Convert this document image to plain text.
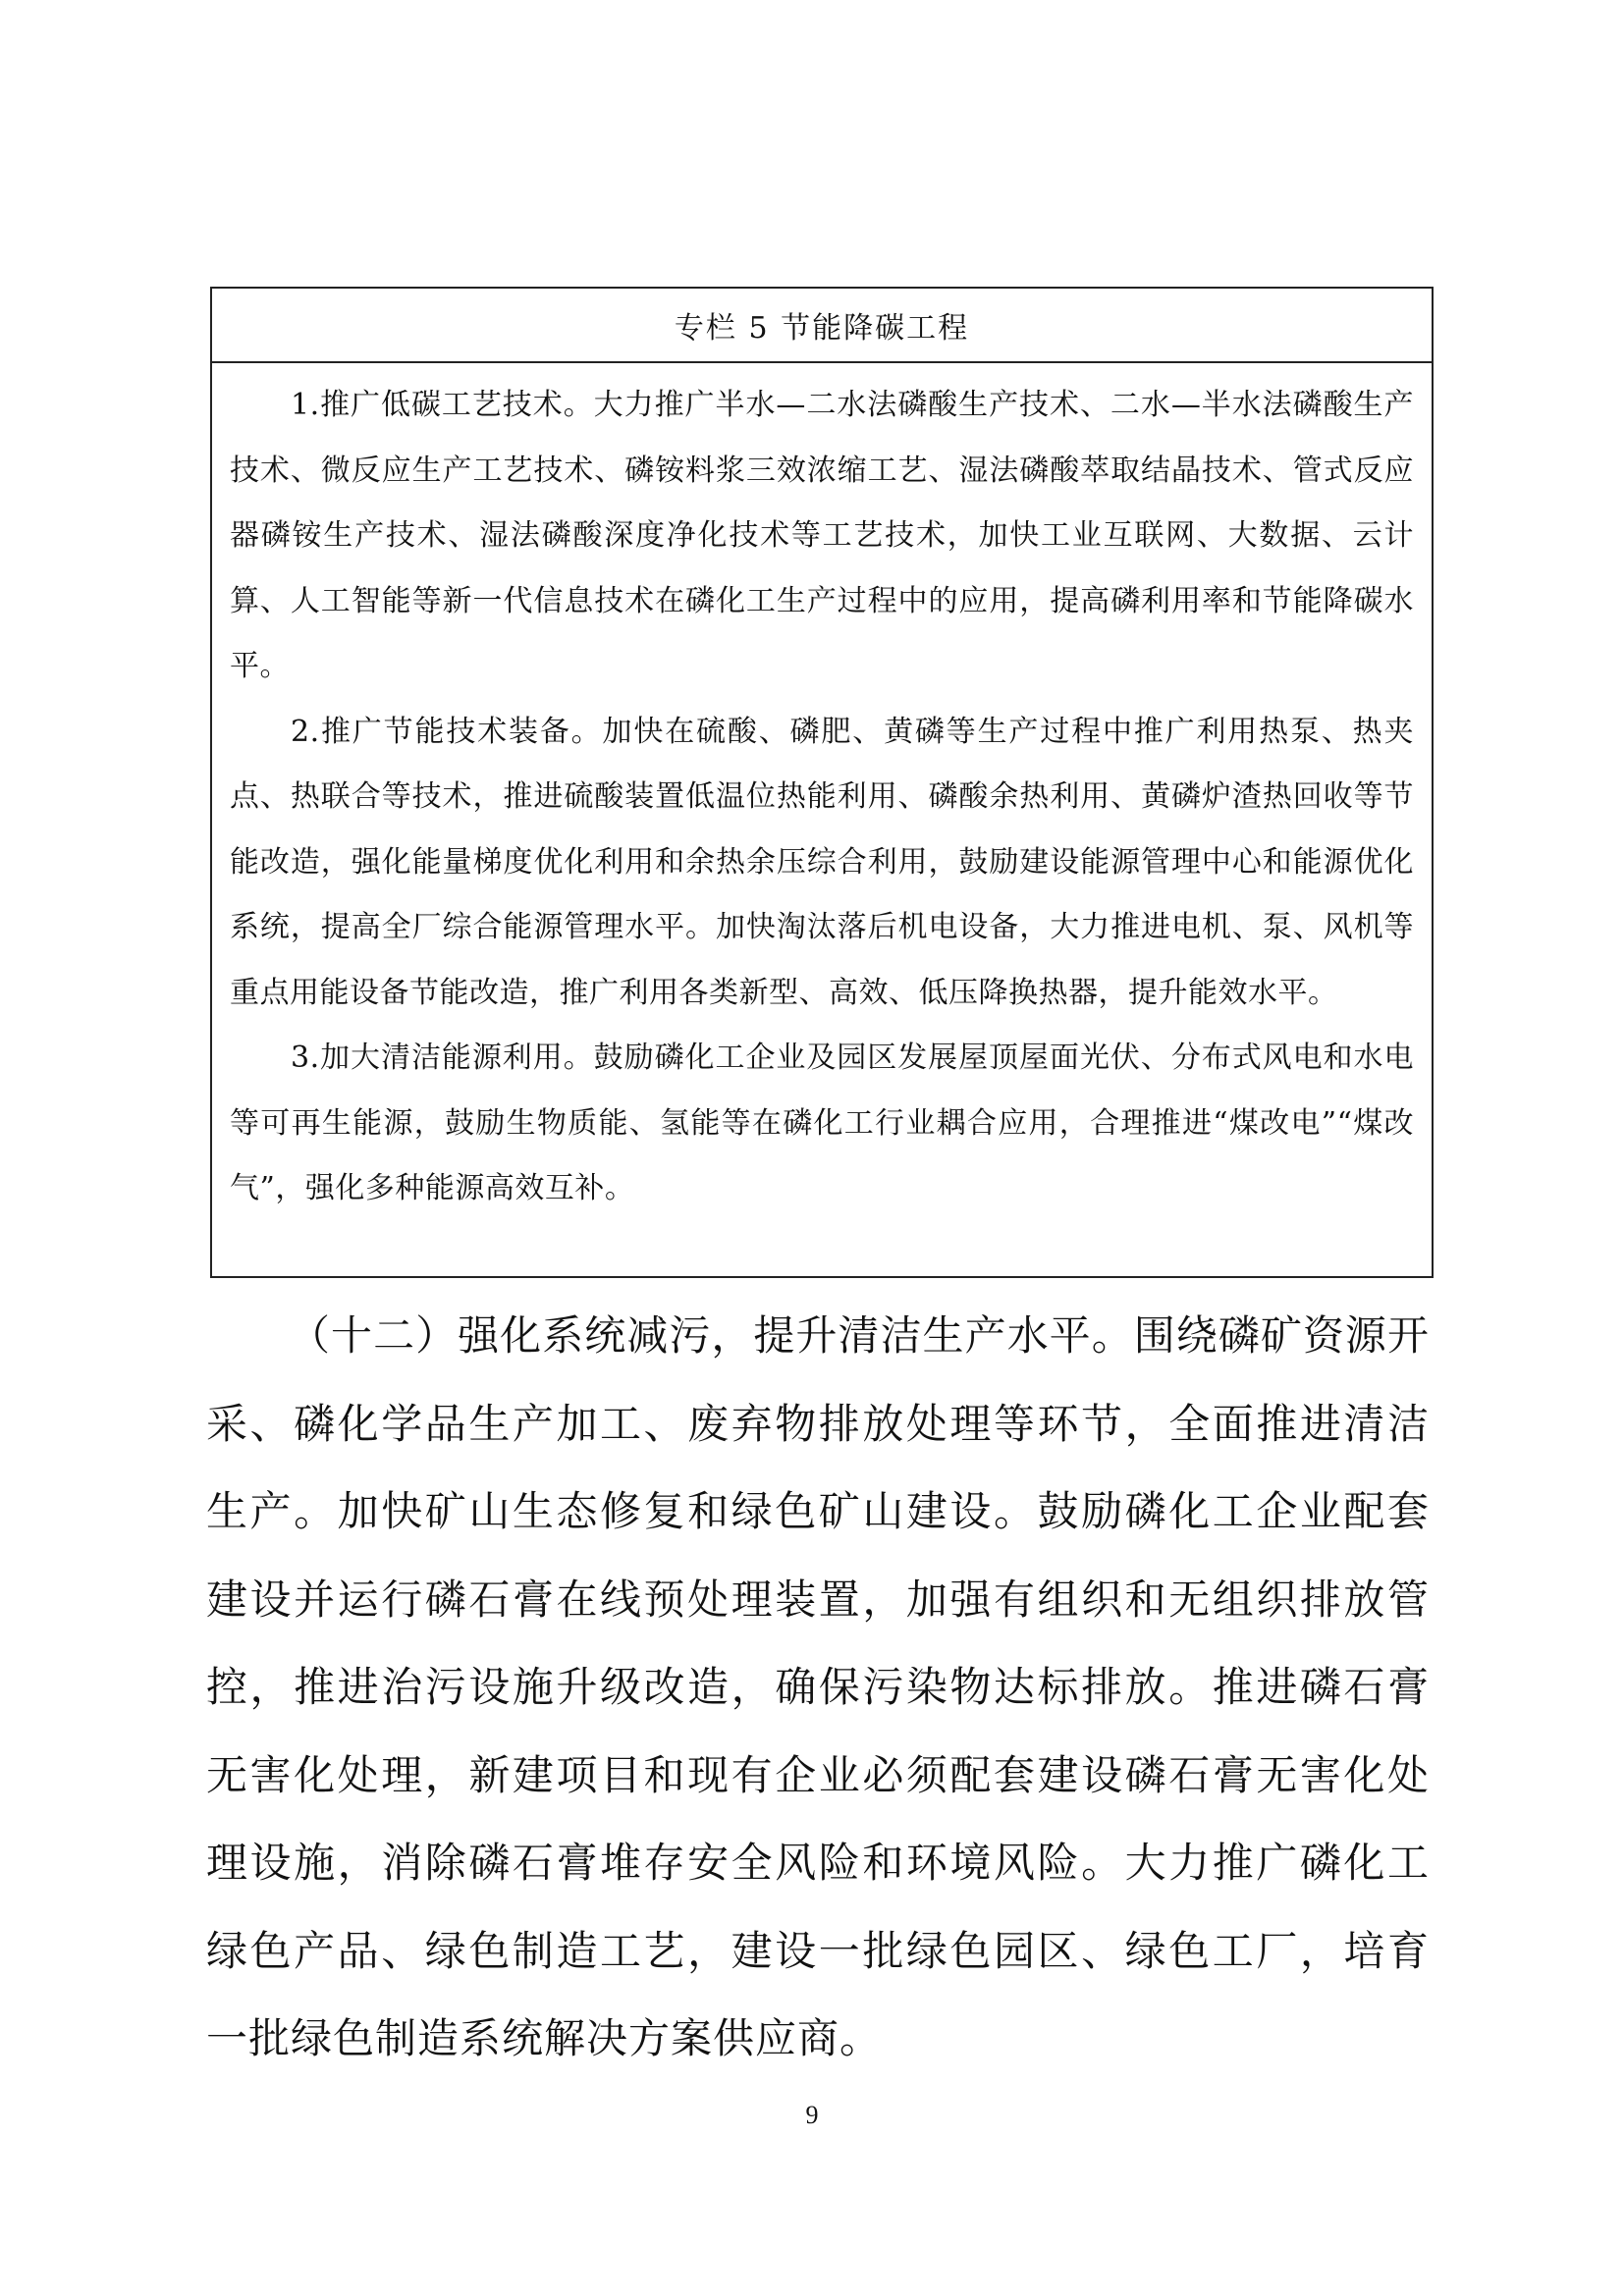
专栏 5 节能降碳工程

1.推广低碳工艺技术。大力推广半水—二水法磷酸生产技术、二水—半水法磷酸生产技术、微反应生产工艺技术、磷铵料浆三效浓缩工艺、湿法磷酸萃取结晶技术、管式反应器磷铵生产技术、湿法磷酸深度净化技术等工艺技术，加快工业互联网、大数据、云计算、人工智能等新一代信息技术在磷化工生产过程中的应用，提高磷利用率和节能降碳水平。

2.推广节能技术装备。加快在硫酸、磷肥、黄磷等生产过程中推广利用热泵、热夹点、热联合等技术，推进硫酸装置低温位热能利用、磷酸余热利用、黄磷炉渣热回收等节能改造，强化能量梯度优化利用和余热余压综合利用，鼓励建设能源管理中心和能源优化系统，提高全厂综合能源管理水平。加快淘汰落后机电设备，大力推进电机、泵、风机等重点用能设备节能改造，推广利用各类新型、高效、低压降换热器，提升能效水平。

3.加大清洁能源利用。鼓励磷化工企业及园区发展屋顶屋面光伏、分布式风电和水电等可再生能源，鼓励生物质能、氢能等在磷化工行业耦合应用，合理推进“煤改电”“煤改气”，强化多种能源高效互补。

（十二）强化系统减污，提升清洁生产水平。围绕磷矿资源开采、磷化学品生产加工、废弃物排放处理等环节，全面推进清洁生产。加快矿山生态修复和绿色矿山建设。鼓励磷化工企业配套建设并运行磷石膏在线预处理装置，加强有组织和无组织排放管控，推进治污设施升级改造，确保污染物达标排放。推进磷石膏无害化处理，新建项目和现有企业必须配套建设磷石膏无害化处理设施，消除磷石膏堆存安全风险和环境风险。大力推广磷化工绿色产品、绿色制造工艺，建设一批绿色园区、绿色工厂，培育一批绿色制造系统解决方案供应商。

9
